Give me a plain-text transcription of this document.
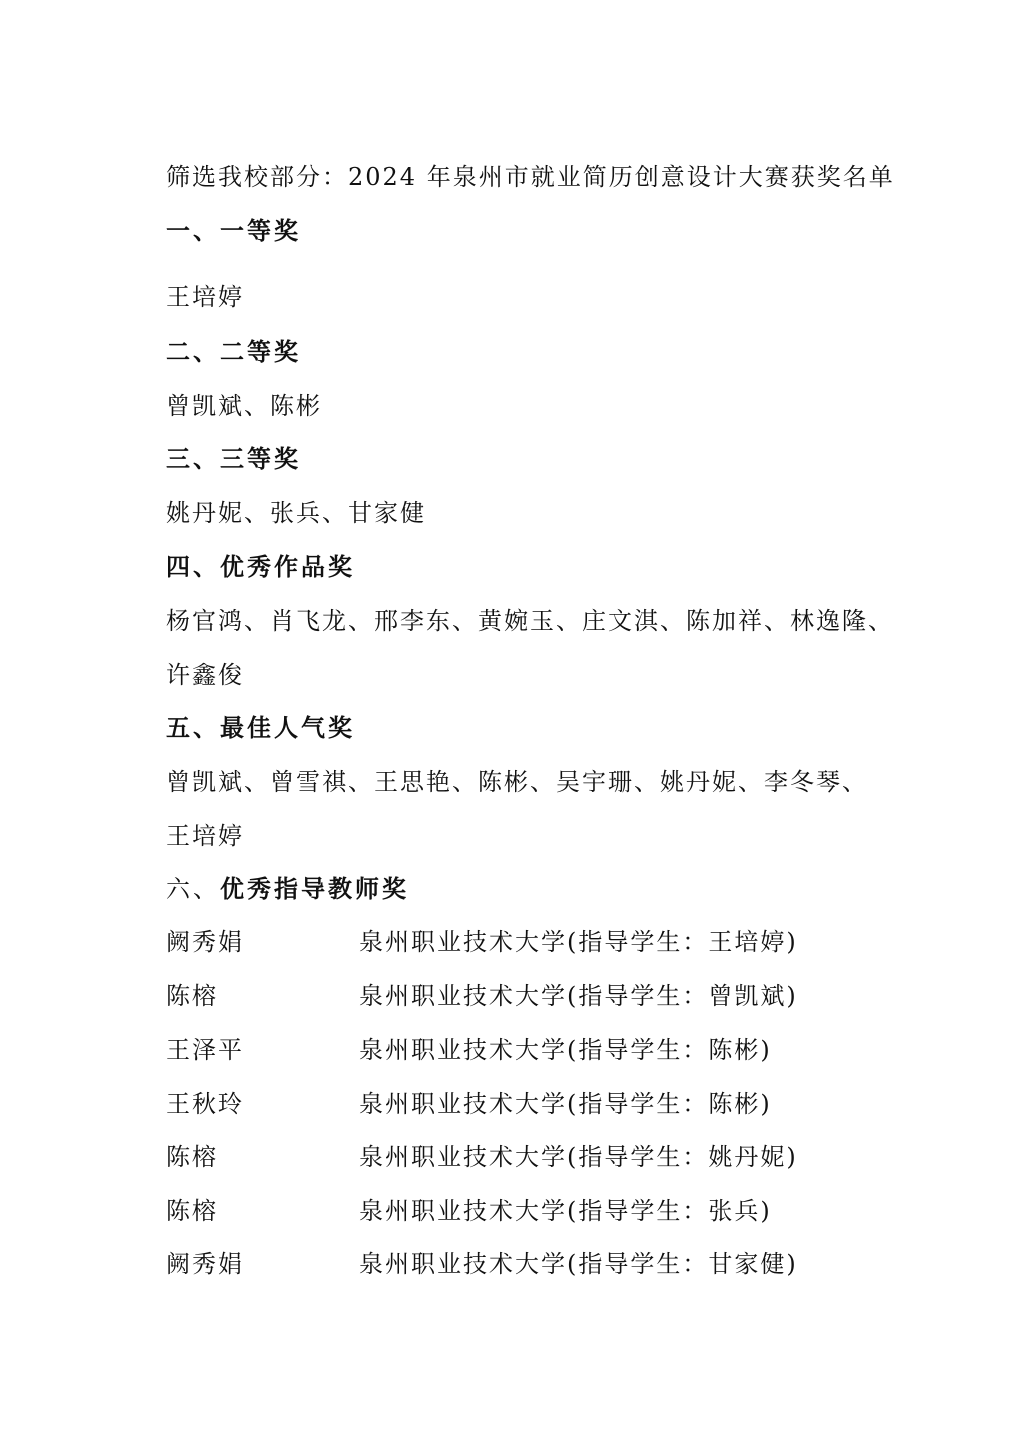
筛选我校部分：2024 年泉州市就业简历创意设计大赛获奖名单
一、一等奖
王培婷
二、二等奖
曾凯斌、陈彬
三、三等奖
姚丹妮、张兵、甘家健
四、优秀作品奖
杨官鸿、肖飞龙、邢李东、黄婉玉、庄文淇、陈加祥、林逸隆、
许鑫俊
五、最佳人气奖
曾凯斌、曾雪祺、王思艳、陈彬、吴宇珊、姚丹妮、李冬琴、
王培婷
六、优秀指导教师奖
阙秀娟	泉州职业技术大学(指导学生：王培婷)
陈榕	泉州职业技术大学(指导学生：曾凯斌)
王泽平	泉州职业技术大学(指导学生：陈彬)
王秋玲	泉州职业技术大学(指导学生：陈彬)
陈榕	泉州职业技术大学(指导学生：姚丹妮)
陈榕	泉州职业技术大学(指导学生：张兵)
阙秀娟	泉州职业技术大学(指导学生：甘家健)
